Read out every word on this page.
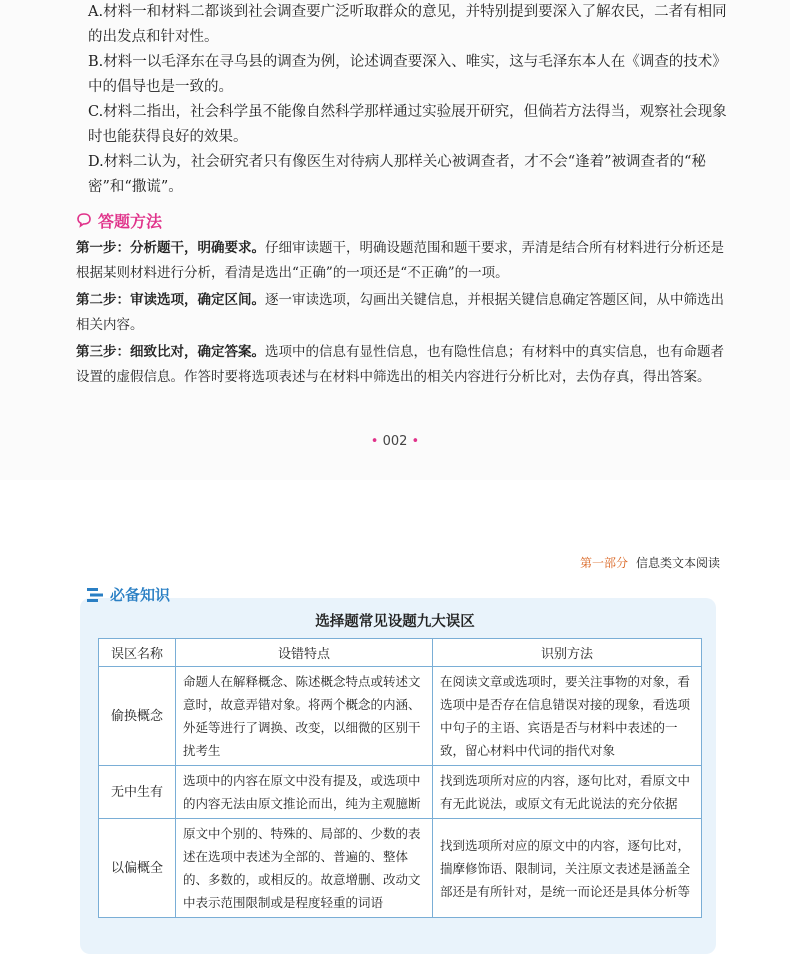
A.材料一和材料二都谈到社会调查要广泛听取群众的意见，并特别提到要深入了解农民，二者有相同的出发点和针对性。
B.材料一以毛泽东在寻乌县的调查为例，论述调查要深入、唯实，这与毛泽东本人在《调查的技术》中的倡导也是一致的。
C.材料二指出，社会科学虽不能像自然科学那样通过实验展开研究，但倘若方法得当，观察社会现象时也能获得良好的效果。
D.材料二认为，社会研究者只有像医生对待病人那样关心被调查者，才不会“逢着”被调查者的“秘密”和“撒谎”。
答题方法
第一步：分析题干，明确要求。仔细审读题干，明确设题范围和题干要求，弄清是结合所有材料进行分析还是根据某则材料进行分析，看清是选出“正确”的一项还是“不正确”的一项。
第二步：审读选项，确定区间。逐一审读选项，勾画出关键信息，并根据关键信息确定答题区间，从中筛选出相关内容。
第三步：细致比对，确定答案。选项中的信息有显性信息，也有隐性信息；有材料中的真实信息，也有命题者设置的虚假信息。作答时要将选项表述与在材料中筛选出的相关内容进行分析比对，去伪存真，得出答案。
• 002 •
第一部分 信息类文本阅读
必备知识
选择题常见设题九大误区
误区名称	设错特点	识别方法
偷换概念	命题人在解释概念、陈述概念特点或转述文意时，故意弄错对象。将两个概念的内涵、外延等进行了调换、改变，以细微的区别干扰考生	在阅读文章或选项时，要关注事物的对象，看选项中是否存在信息错误对接的现象，看选项中句子的主语、宾语是否与材料中表述的一致，留心材料中代词的指代对象
无中生有	选项中的内容在原文中没有提及，或选项中的内容无法由原文推论而出，纯为主观臆断	找到选项所对应的内容，逐句比对，看原文中有无此说法，或原文有无此说法的充分依据
以偏概全	原文中个别的、特殊的、局部的、少数的表述在选项中表述为全部的、普遍的、整体的、多数的，或相反的。故意增删、改动文中表示范围限制或是程度轻重的词语	找到选项所对应的原文中的内容，逐句比对，揣摩修饰语、限制词，关注原文表述是涵盖全部还是有所针对，是统一而论还是具体分析等
